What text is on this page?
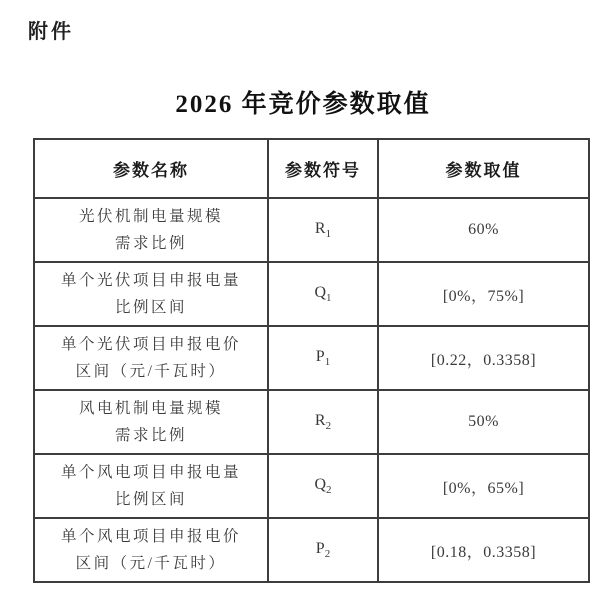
附件
2026 年竞价参数取值
参数名称	参数符号	参数取值

光伏机制电量规模
需求比例	$R_1$	60%

单个光伏项目申报电量
比例区间	$Q_1$	[0%，75%]

单个光伏项目申报电价
区间（元/千瓦时）	$P_1$	[0.22，0.3358]

风电机制电量规模
需求比例	$R_2$	50%

单个风电项目申报电量
比例区间	$Q_2$	[0%，65%]

单个风电项目申报电价
区间（元/千瓦时）	$P_2$	[0.18，0.3358]
